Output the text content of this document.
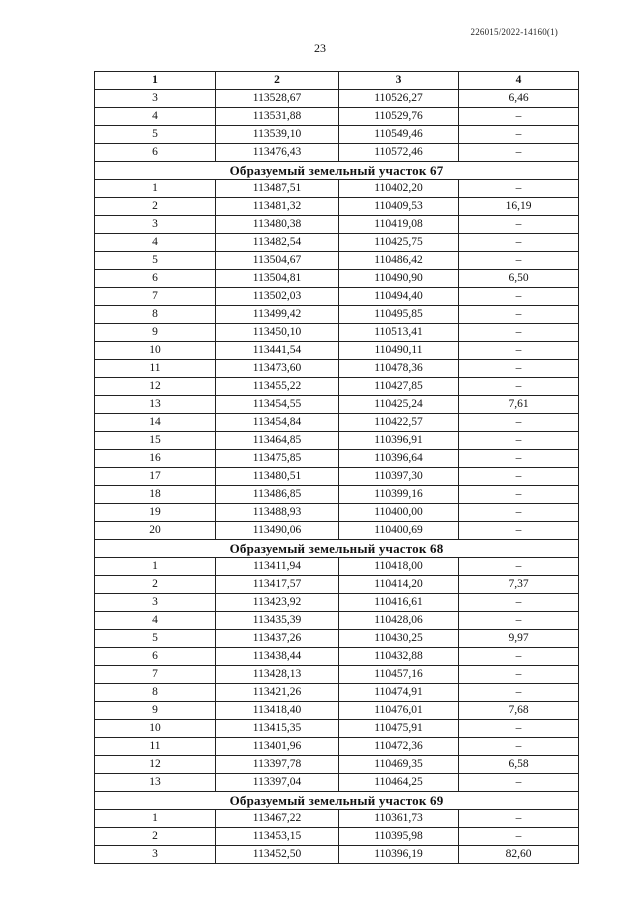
226015/2022-14160(1)
23
1	2	3	4
3	113528,67	110526,27	6,46
4	113531,88	110529,76	–
5	113539,10	110549,46	–
6	113476,43	110572,46	–
Образуемый земельный участок 67			
1	113487,51	110402,20	–
2	113481,32	110409,53	16,19
3	113480,38	110419,08	–
4	113482,54	110425,75	–
5	113504,67	110486,42	–
6	113504,81	110490,90	6,50
7	113502,03	110494,40	–
8	113499,42	110495,85	–
9	113450,10	110513,41	–
10	113441,54	110490,11	–
11	113473,60	110478,36	–
12	113455,22	110427,85	–
13	113454,55	110425,24	7,61
14	113454,84	110422,57	–
15	113464,85	110396,91	–
16	113475,85	110396,64	–
17	113480,51	110397,30	–
18	113486,85	110399,16	–
19	113488,93	110400,00	–
20	113490,06	110400,69	–
Образуемый земельный участок 68			
1	113411,94	110418,00	–
2	113417,57	110414,20	7,37
3	113423,92	110416,61	–
4	113435,39	110428,06	–
5	113437,26	110430,25	9,97
6	113438,44	110432,88	–
7	113428,13	110457,16	–
8	113421,26	110474,91	–
9	113418,40	110476,01	7,68
10	113415,35	110475,91	–
11	113401,96	110472,36	–
12	113397,78	110469,35	6,58
13	113397,04	110464,25	–
Образуемый земельный участок 69			
1	113467,22	110361,73	–
2	113453,15	110395,98	–
3	113452,50	110396,19	82,60
